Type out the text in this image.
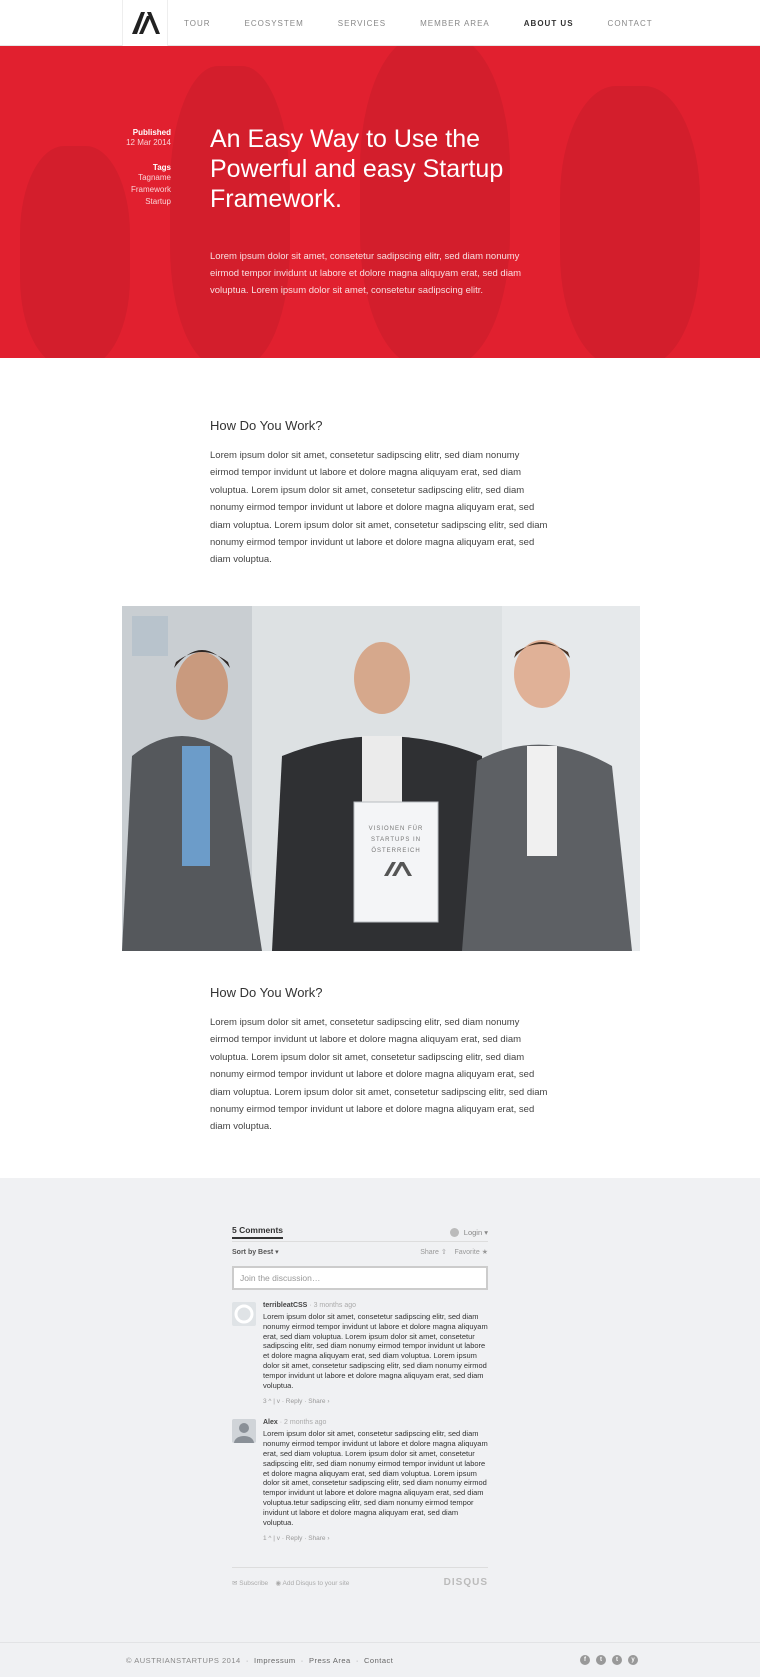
TOUR	ECOSYSTEM	SERVICES	MEMBER AREA	ABOUT US	CONTACT
Published
12 Mar 2014
Tags
Tagname
Framework
Startup
An Easy Way to Use the Powerful and easy Startup Framework.

Lorem ipsum dolor sit amet, consetetur sadipscing elitr, sed diam nonumy eirmod tempor invidunt ut labore et dolore magna aliquyam erat, sed diam voluptua. Lorem ipsum dolor sit amet, consetetur sadipscing elitr.

How Do You Work?

Lorem ipsum dolor sit amet, consetetur sadipscing elitr, sed diam nonumy eirmod tempor invidunt ut labore et dolore magna aliquyam erat, sed diam voluptua. Lorem ipsum dolor sit amet, consetetur sadipscing elitr, sed diam nonumy eirmod tempor invidunt ut labore et dolore magna aliquyam erat, sed diam voluptua. Lorem ipsum dolor sit amet, consetetur sadipscing elitr, sed diam nonumy eirmod tempor invidunt ut labore et dolore magna aliquyam erat, sed diam voluptua.

VISIONEN FÜR STARTUPS IN ÖSTERREICH
How Do You Work?

Lorem ipsum dolor sit amet, consetetur sadipscing elitr, sed diam nonumy eirmod tempor invidunt ut labore et dolore magna aliquyam erat, sed diam voluptua. Lorem ipsum dolor sit amet, consetetur sadipscing elitr, sed diam nonumy eirmod tempor invidunt ut labore et dolore magna aliquyam erat, sed diam voluptua. Lorem ipsum dolor sit amet, consetetur sadipscing elitr, sed diam nonumy eirmod tempor invidunt ut labore et dolore magna aliquyam erat, sed diam voluptua.

5 Comments	Login ▾
Sort by Best ▾	Share ⇧ Favorite ★
Join the discussion…
terribleatCSS · 3 months ago
Lorem ipsum dolor sit amet, consetetur sadipscing elitr, sed diam nonumy eirmod tempor invidunt ut labore et dolore magna aliquyam erat, sed diam voluptua. Lorem ipsum dolor sit amet, consetetur sadipscing elitr, sed diam nonumy eirmod tempor invidunt ut labore et dolore magna aliquyam erat, sed diam voluptua. Lorem ipsum dolor sit amet, consetetur sadipscing elitr, sed diam nonumy eirmod tempor invidunt ut labore et dolore magna aliquyam erat, sed diam voluptua.
3 ^ | v · Reply · Share ›
Alex · 2 months ago
Lorem ipsum dolor sit amet, consetetur sadipscing elitr, sed diam nonumy eirmod tempor invidunt ut labore et dolore magna aliquyam erat, sed diam voluptua. Lorem ipsum dolor sit amet, consetetur sadipscing elitr, sed diam nonumy eirmod tempor invidunt ut labore et dolore magna aliquyam erat, sed diam voluptua. Lorem ipsum dolor sit amet, consetetur sadipscing elitr, sed diam nonumy eirmod tempor invidunt ut labore et dolore magna aliquyam erat, sed diam voluptua.tetur sadipscing elitr, sed diam nonumy eirmod tempor invidunt ut labore et dolore magna aliquyam erat, sed diam voluptua.
1 ^ | v · Reply · Share ›
✉ Subscribe
◉ Add Disqus to your site	DISQUS
© AUSTRIANSTARTUPS 2014  ·  Impressum  ·  Press Area  ·  Contact	f	t	t	y
